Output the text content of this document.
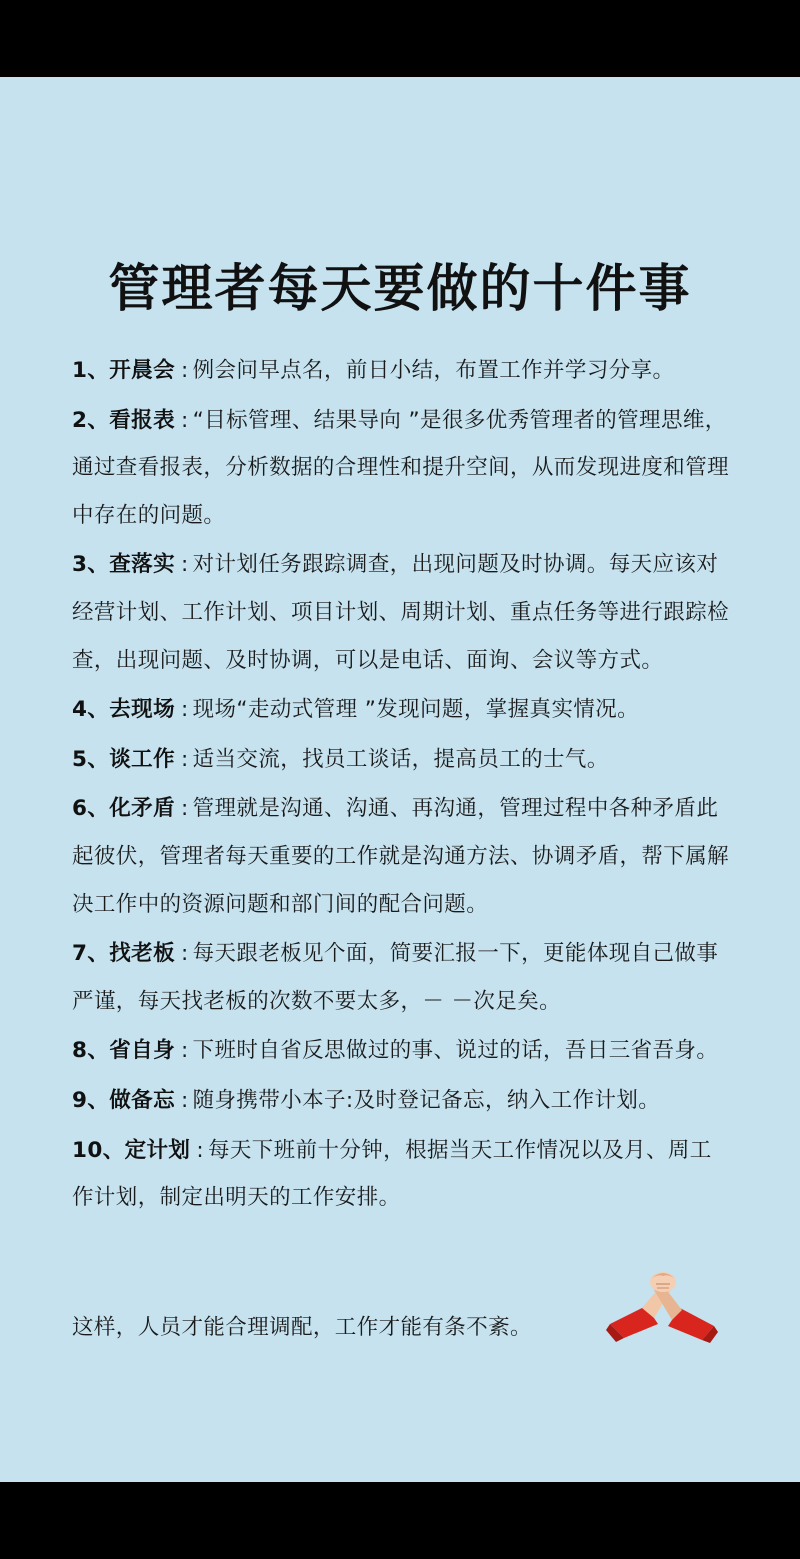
管理者每天要做的十件事
1、开晨会 : 例会问早点名，前日小结，布置工作并学习分享。
2、看报表 : “目标管理、结果导向 ”是很多优秀管理者的管理思维，通过查看报表，分析数据的合理性和提升空间，从而发现进度和管理中存在的问题。
3、查落实 : 对计划任务跟踪调查，出现问题及时协调。每天应该对经营计划、工作计划、项目计划、周期计划、重点任务等进行跟踪检查，出现问题、及时协调，可以是电话、面询、会议等方式。
4、去现场 : 现场“走动式管理 ”发现问题，掌握真实情况。
5、谈工作 : 适当交流，找员工谈话，提高员工的士气。
6、化矛盾 : 管理就是沟通、沟通、再沟通，管理过程中各种矛盾此起彼伏，管理者每天重要的工作就是沟通方法、协调矛盾，帮下属解决工作中的资源问题和部门间的配合问题。
7、找老板 : 每天跟老板见个面，简要汇报一下，更能体现自己做事严谨，每天找老板的次数不要太多，－ －次足矣。
8、省自身 : 下班时自省反思做过的事、说过的话，吾日三省吾身。
9、做备忘 : 随身携带小本子:及时登记备忘，纳入工作计划。
10、定计划 : 每天下班前十分钟，根据当天工作情况以及月、周工作计划，制定出明天的工作安排。

这样，人员才能合理调配，工作才能有条不紊。
